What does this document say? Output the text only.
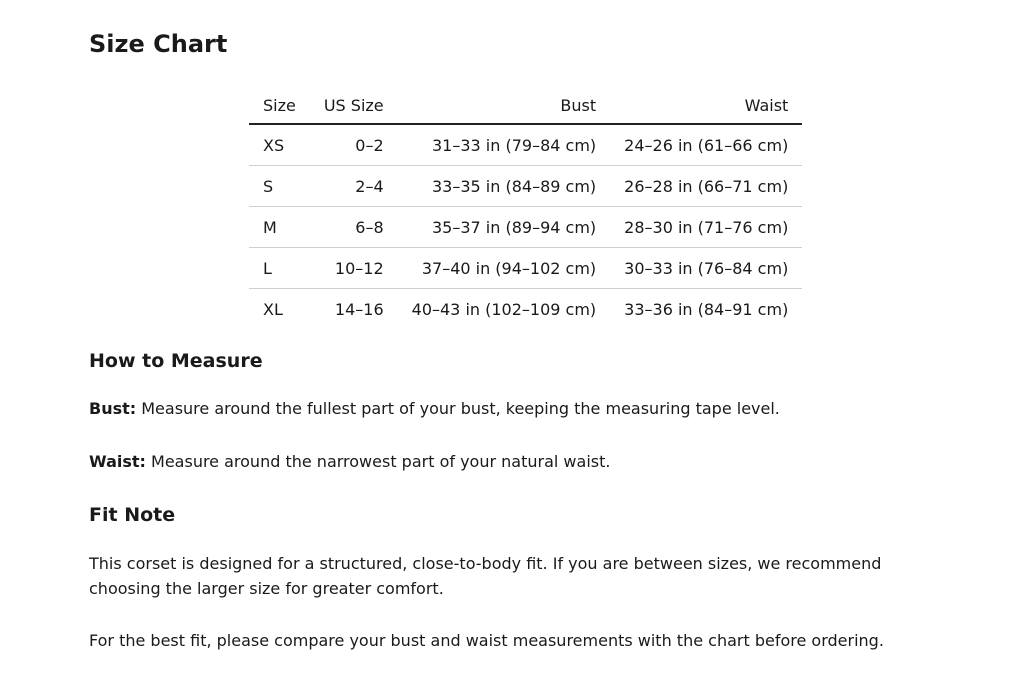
Size Chart
Size	US Size	Bust	Waist
XS	0–2	31–33 in (79–84 cm)	24–26 in (61–66 cm)
S	2–4	33–35 in (84–89 cm)	26–28 in (66–71 cm)
M	6–8	35–37 in (89–94 cm)	28–30 in (71–76 cm)
L	10–12	37–40 in (94–102 cm)	30–33 in (76–84 cm)
XL	14–16	40–43 in (102–109 cm)	33–36 in (84–91 cm)
How to Measure

Bust: Measure around the fullest part of your bust, keeping the measuring tape level.

Waist: Measure around the narrowest part of your natural waist.

Fit Note

This corset is designed for a structured, close-to-body fit. If you are between sizes, we recommend choosing the larger size for greater comfort.

For the best fit, please compare your bust and waist measurements with the chart before ordering.
